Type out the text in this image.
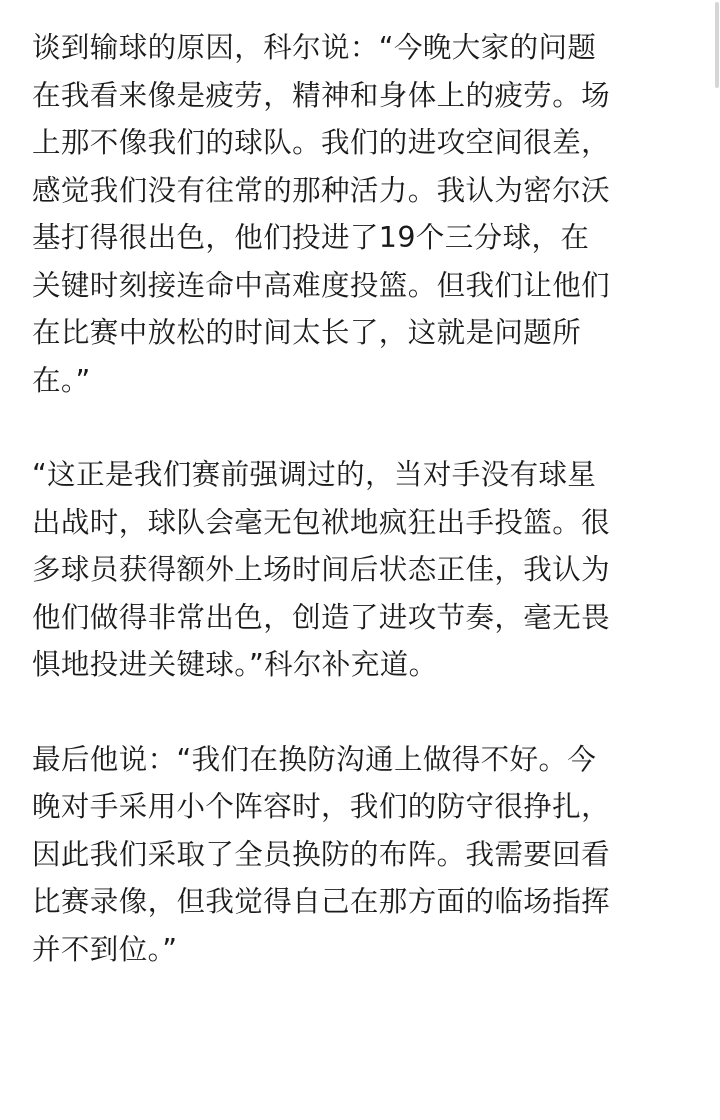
谈到输球的原因，科尔说：“今晚大家的问题
在我看来像是疲劳，精神和身体上的疲劳。场
上那不像我们的球队。我们的进攻空间很差，
感觉我们没有往常的那种活力。我认为密尔沃
基打得很出色，他们投进了19个三分球，在
关键时刻接连命中高难度投篮。但我们让他们
在比赛中放松的时间太长了，这就是问题所
在。”

“这正是我们赛前强调过的，当对手没有球星
出战时，球队会毫无包袱地疯狂出手投篮。很
多球员获得额外上场时间后状态正佳，我认为
他们做得非常出色，创造了进攻节奏，毫无畏
惧地投进关键球。”科尔补充道。

最后他说：“我们在换防沟通上做得不好。今
晚对手采用小个阵容时，我们的防守很挣扎，
因此我们采取了全员换防的布阵。我需要回看
比赛录像，但我觉得自己在那方面的临场指挥
并不到位。”
